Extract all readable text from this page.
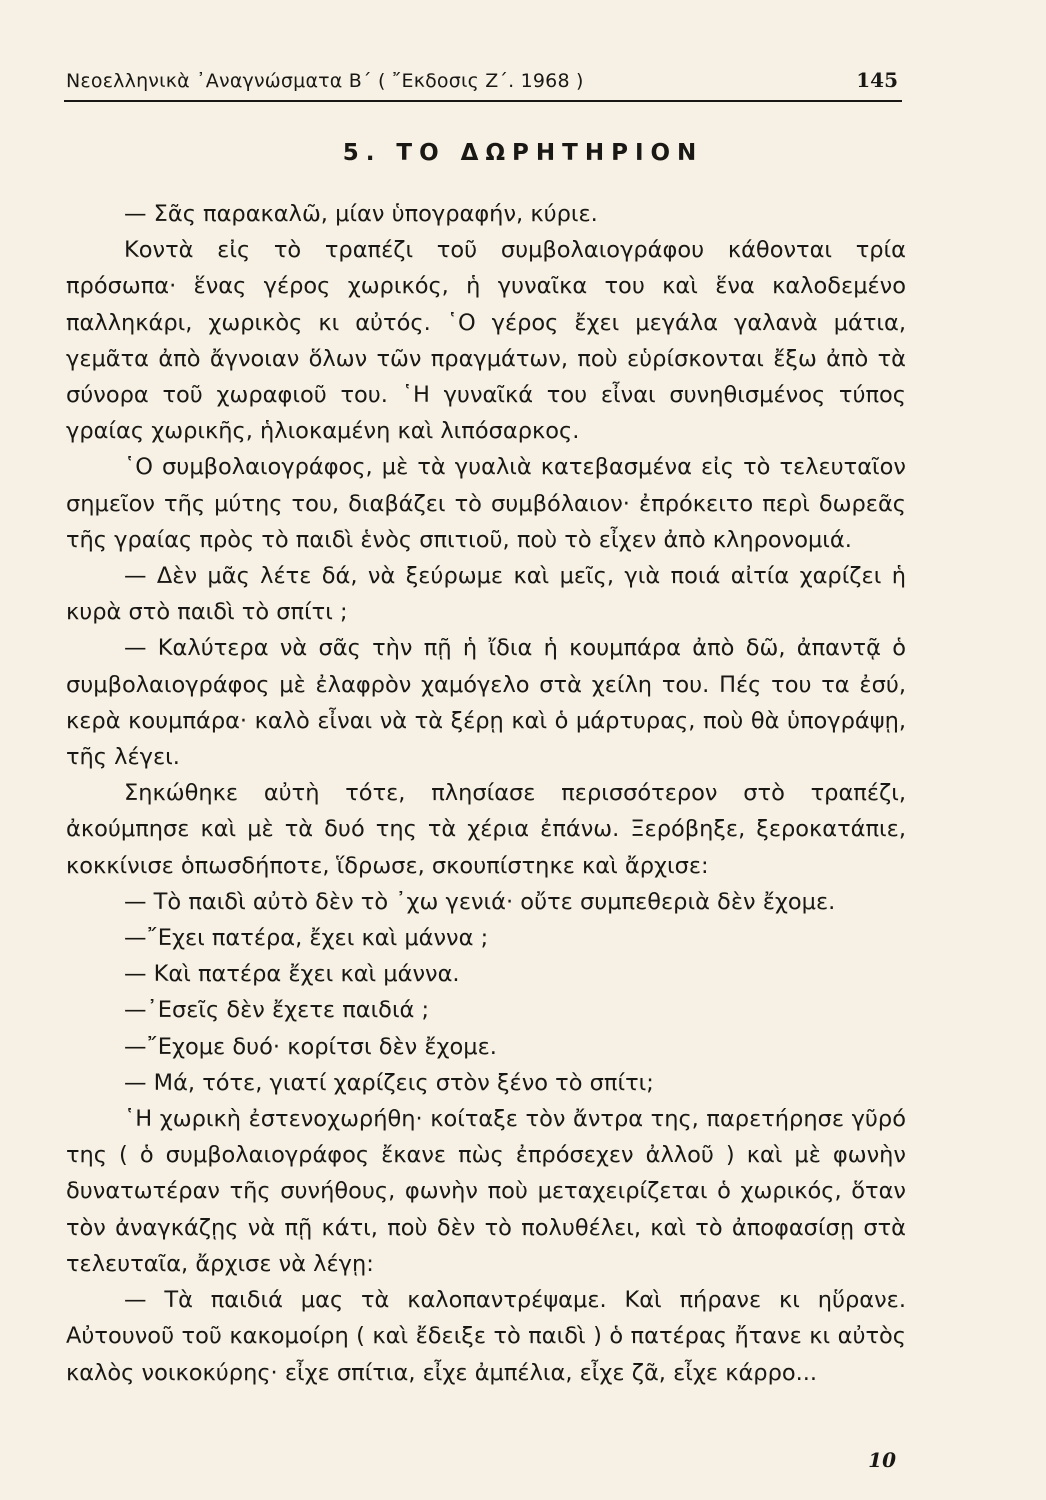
Νεοελληνικὰ ᾿Αναγνώσματα Β΄ ( ῎Εκδοσις Ζ΄. 1968 )	145
5. ΤΟ ΔΩΡΗΤΗΡΙΟΝ

— Σᾶς παρακαλῶ, μίαν ὑπογραφήν, κύριε.

Κοντὰ εἰς τὸ τραπέζι τοῦ συμβολαιογράφου κάθονται τρία πρόσωπα· ἕνας γέρος χωρικός, ἡ γυναῖκα του καὶ ἕνα καλοδεμένο παλληκάρι, χωρικὸς κι αὐτός. ῾Ο γέρος ἔχει μεγάλα γαλανὰ μάτια, γεμᾶτα ἀπὸ ἄγνοιαν ὅλων τῶν πραγμάτων, ποὺ εὑρίσκονται ἔξω ἀπὸ τὰ σύνορα τοῦ χωραφιοῦ του. ῾Η γυναῖκά του εἶναι συνηθισμένος τύπος γραίας χωρικῆς, ἡλιοκαμένη καὶ λιπόσαρκος.

῾Ο συμβολαιογράφος, μὲ τὰ γυαλιὰ κατεβασμένα εἰς τὸ τελευταῖον σημεῖον τῆς μύτης του, διαβάζει τὸ συμβόλαιον· ἐπρόκειτο περὶ δωρεᾶς τῆς γραίας πρὸς τὸ παιδὶ ἑνὸς σπιτιοῦ, ποὺ τὸ εἶχεν ἀπὸ κληρονομιά.

— Δὲν μᾶς λέτε δά, νὰ ξεύρωμε καὶ μεῖς, γιὰ ποιά αἰτία χαρίζει ἡ κυρὰ στὸ παιδὶ τὸ σπίτι ;

— Καλύτερα νὰ σᾶς τὴν πῇ ἡ ἴδια ἡ κουμπάρα ἀπὸ δῶ, ἀπαντᾷ ὁ συμβολαιογράφος μὲ ἐλαφρὸν χαμόγελο στὰ χείλη του. Πές του τα ἐσύ, κερὰ κουμπάρα· καλὸ εἶναι νὰ τὰ ξέρῃ καὶ ὁ μάρτυρας, ποὺ θὰ ὑπογράψῃ, τῆς λέγει.

Σηκώθηκε αὐτὴ τότε, πλησίασε περισσότερον στὸ τραπέζι, ἀκούμπησε καὶ μὲ τὰ δυό της τὰ χέρια ἐπάνω. Ξερόβηξε, ξεροκατάπιε, κοκκίνισε ὁπωσδήποτε, ἵδρωσε, σκουπίστηκε καὶ ἄρχισε:

— Τὸ παιδὶ αὐτὸ δὲν τὸ ᾿χω γενιά· οὔτε συμπεθεριὰ δὲν ἔχομε.

—῎Εχει πατέρα, ἔχει καὶ μάννα ;

— Καὶ πατέρα ἔχει καὶ μάννα.

—᾿Εσεῖς δὲν ἔχετε παιδιά ;

—῎Εχομε δυό· κορίτσι δὲν ἔχομε.

— Μά, τότε, γιατί χαρίζεις στὸν ξένο τὸ σπίτι;

῾Η χωρικὴ ἐστενοχωρήθη· κοίταξε τὸν ἄντρα της, παρετήρησε γῦρό της ( ὁ συμβολαιογράφος ἔκανε πὼς ἐπρόσεχεν ἀλλοῦ ) καὶ μὲ φωνὴν δυνατωτέραν τῆς συνήθους, φωνὴν ποὺ μεταχειρίζεται ὁ χωρικός, ὅταν τὸν ἀναγκάζῃς νὰ πῇ κάτι, ποὺ δὲν τὸ πολυθέλει, καὶ τὸ ἀποφασίσῃ στὰ τελευταῖα, ἄρχισε νὰ λέγῃ:

— Τὰ παιδιά μας τὰ καλοπαντρέψαμε. Καὶ πήρανε κι ηὕρανε. Αὐτουνοῦ τοῦ κακομοίρη ( καὶ ἔδειξε τὸ παιδὶ ) ὁ πατέρας ἤτανε κι αὐτὸς καλὸς νοικοκύρης· εἶχε σπίτια, εἶχε ἀμπέλια, εἶχε ζᾶ, εἶχε κάρρο...

10
